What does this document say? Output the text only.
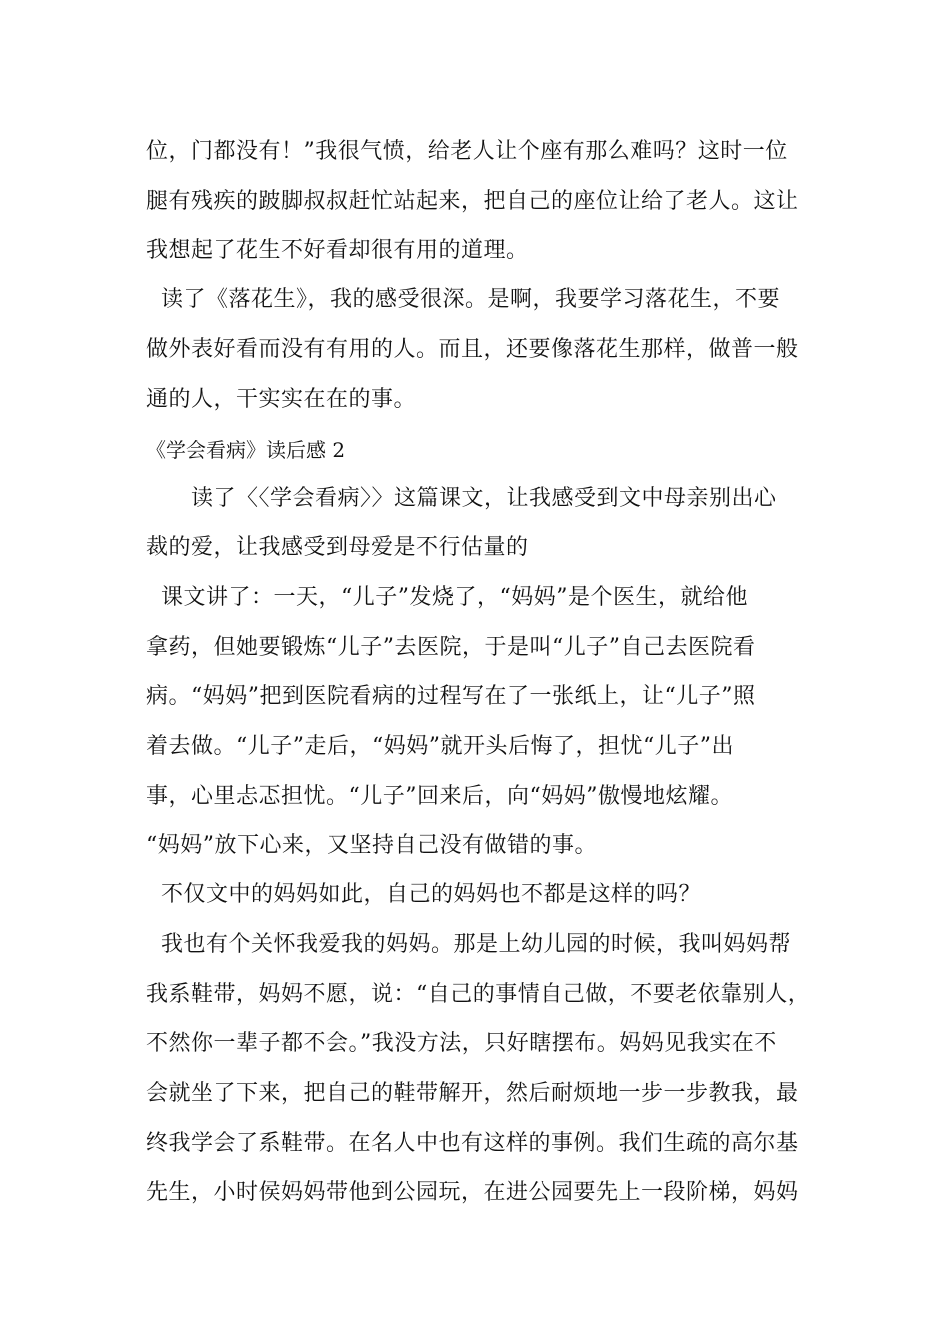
位，门都没有！”我很气愤，给老人让个座有那么难吗？这时一位
腿有残疾的跛脚叔叔赶忙站起来，把自己的座位让给了老人。这让
我想起了花生不好看却很有用的道理。
读了《落花生》，我的感受很深。是啊，我要学习落花生，不要
做外表好看而没有有用的人。而且，还要像落花生那样，做普一般
通的人，干实实在在的事。
《学会看病》读后感 2
读了〈〈学会看病〉〉这篇课文，让我感受到文中母亲别出心
裁的爱，让我感受到母爱是不行估量的
课文讲了：一天，“儿子”发烧了，“妈妈”是个医生，就给他
拿药，但她要锻炼“儿子”去医院，于是叫“儿子”自己去医院看
病。“妈妈”把到医院看病的过程写在了一张纸上，让“儿子”照
着去做。“儿子”走后，“妈妈”就开头后悔了，担忧“儿子”出
事，心里忐忑担忧。“儿子”回来后，向“妈妈”傲慢地炫耀。
“妈妈”放下心来，又坚持自己没有做错的事。
不仅文中的妈妈如此，自己的妈妈也不都是这样的吗？
我也有个关怀我爱我的妈妈。那是上幼儿园的时候，我叫妈妈帮
我系鞋带，妈妈不愿，说：“自己的事情自己做，不要老依靠别人，
不然你一辈子都不会。”我没方法，只好瞎摆布。妈妈见我实在不
会就坐了下来，把自己的鞋带解开，然后耐烦地一步一步教我，最
终我学会了系鞋带。在名人中也有这样的事例。我们生疏的高尔基
先生，小时侯妈妈带他到公园玩，在进公园要先上一段阶梯，妈妈
